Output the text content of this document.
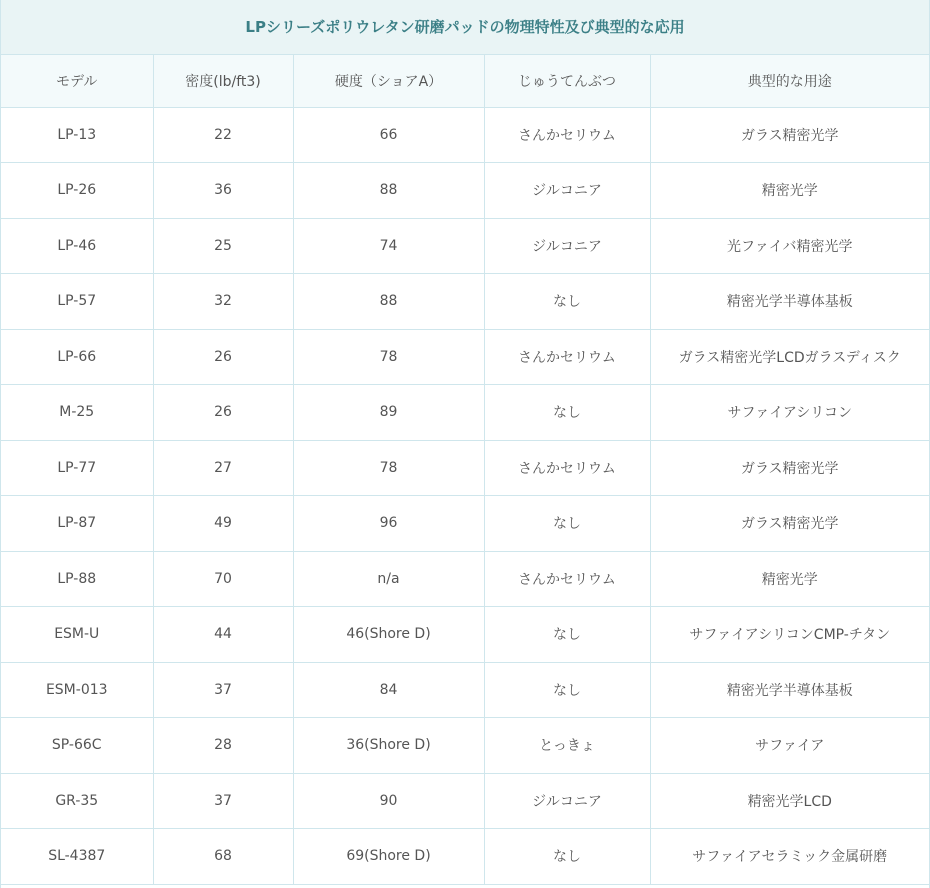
LPシリーズポリウレタン研磨パッドの物理特性及び典型的な応用
モデル	密度(lb/ft3)	硬度（ショアA）	じゅうてんぶつ	典型的な用途
LP-13	22	66	さんかセリウム	ガラス精密光学
LP-26	36	88	ジルコニア	精密光学
LP-46	25	74	ジルコニア	光ファイバ精密光学
LP-57	32	88	なし	精密光学半導体基板
LP-66	26	78	さんかセリウム	ガラス精密光学LCDガラスディスク
M-25	26	89	なし	サファイアシリコン
LP-77	27	78	さんかセリウム	ガラス精密光学
LP-87	49	96	なし	ガラス精密光学
LP-88	70	n/a	さんかセリウム	精密光学
ESM-U	44	46(Shore D)	なし	サファイアシリコンCMP-チタン
ESM-013	37	84	なし	精密光学半導体基板
SP-66C	28	36(Shore D)	とっきょ	サファイア
GR-35	37	90	ジルコニア	精密光学LCD
SL-4387	68	69(Shore D)	なし	サファイアセラミック金属研磨
